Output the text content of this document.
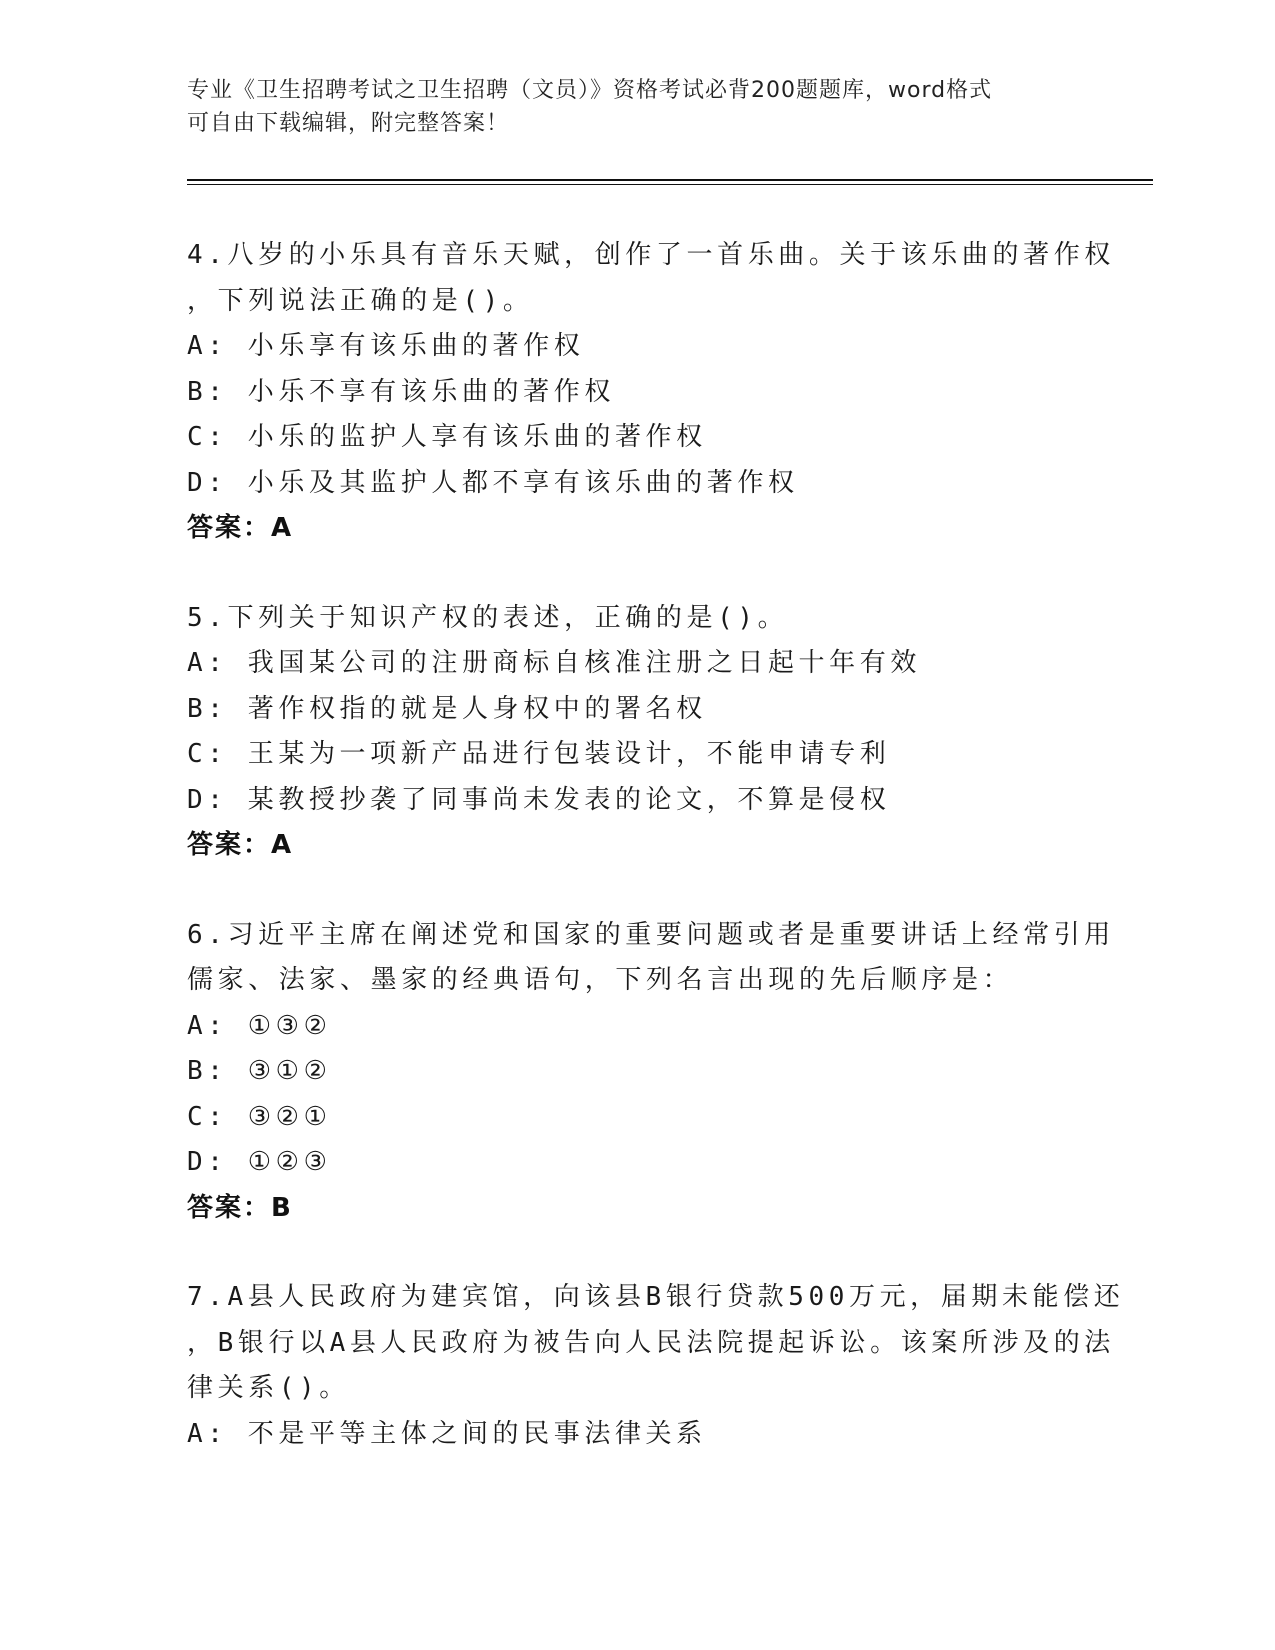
专业《卫生招聘考试之卫生招聘（文员）》资格考试必背200题题库，word格式
可自由下载编辑，附完整答案！
4.八岁的小乐具有音乐天赋，创作了一首乐曲。关于该乐曲的著作权
，下列说法正确的是()。
A: 小乐享有该乐曲的著作权
B: 小乐不享有该乐曲的著作权
C: 小乐的监护人享有该乐曲的著作权
D: 小乐及其监护人都不享有该乐曲的著作权
答案：A
5.下列关于知识产权的表述，正确的是()。
A: 我国某公司的注册商标自核准注册之日起十年有效
B: 著作权指的就是人身权中的署名权
C: 王某为一项新产品进行包装设计，不能申请专利
D: 某教授抄袭了同事尚未发表的论文，不算是侵权
答案：A
6.习近平主席在阐述党和国家的重要问题或者是重要讲话上经常引用
儒家、法家、墨家的经典语句，下列名言出现的先后顺序是：
A: ①③②
B: ③①②
C: ③②①
D: ①②③
答案：B
7.A县人民政府为建宾馆，向该县B银行贷款500万元，届期未能偿还
，B银行以A县人民政府为被告向人民法院提起诉讼。该案所涉及的法
律关系()。
A: 不是平等主体之间的民事法律关系
